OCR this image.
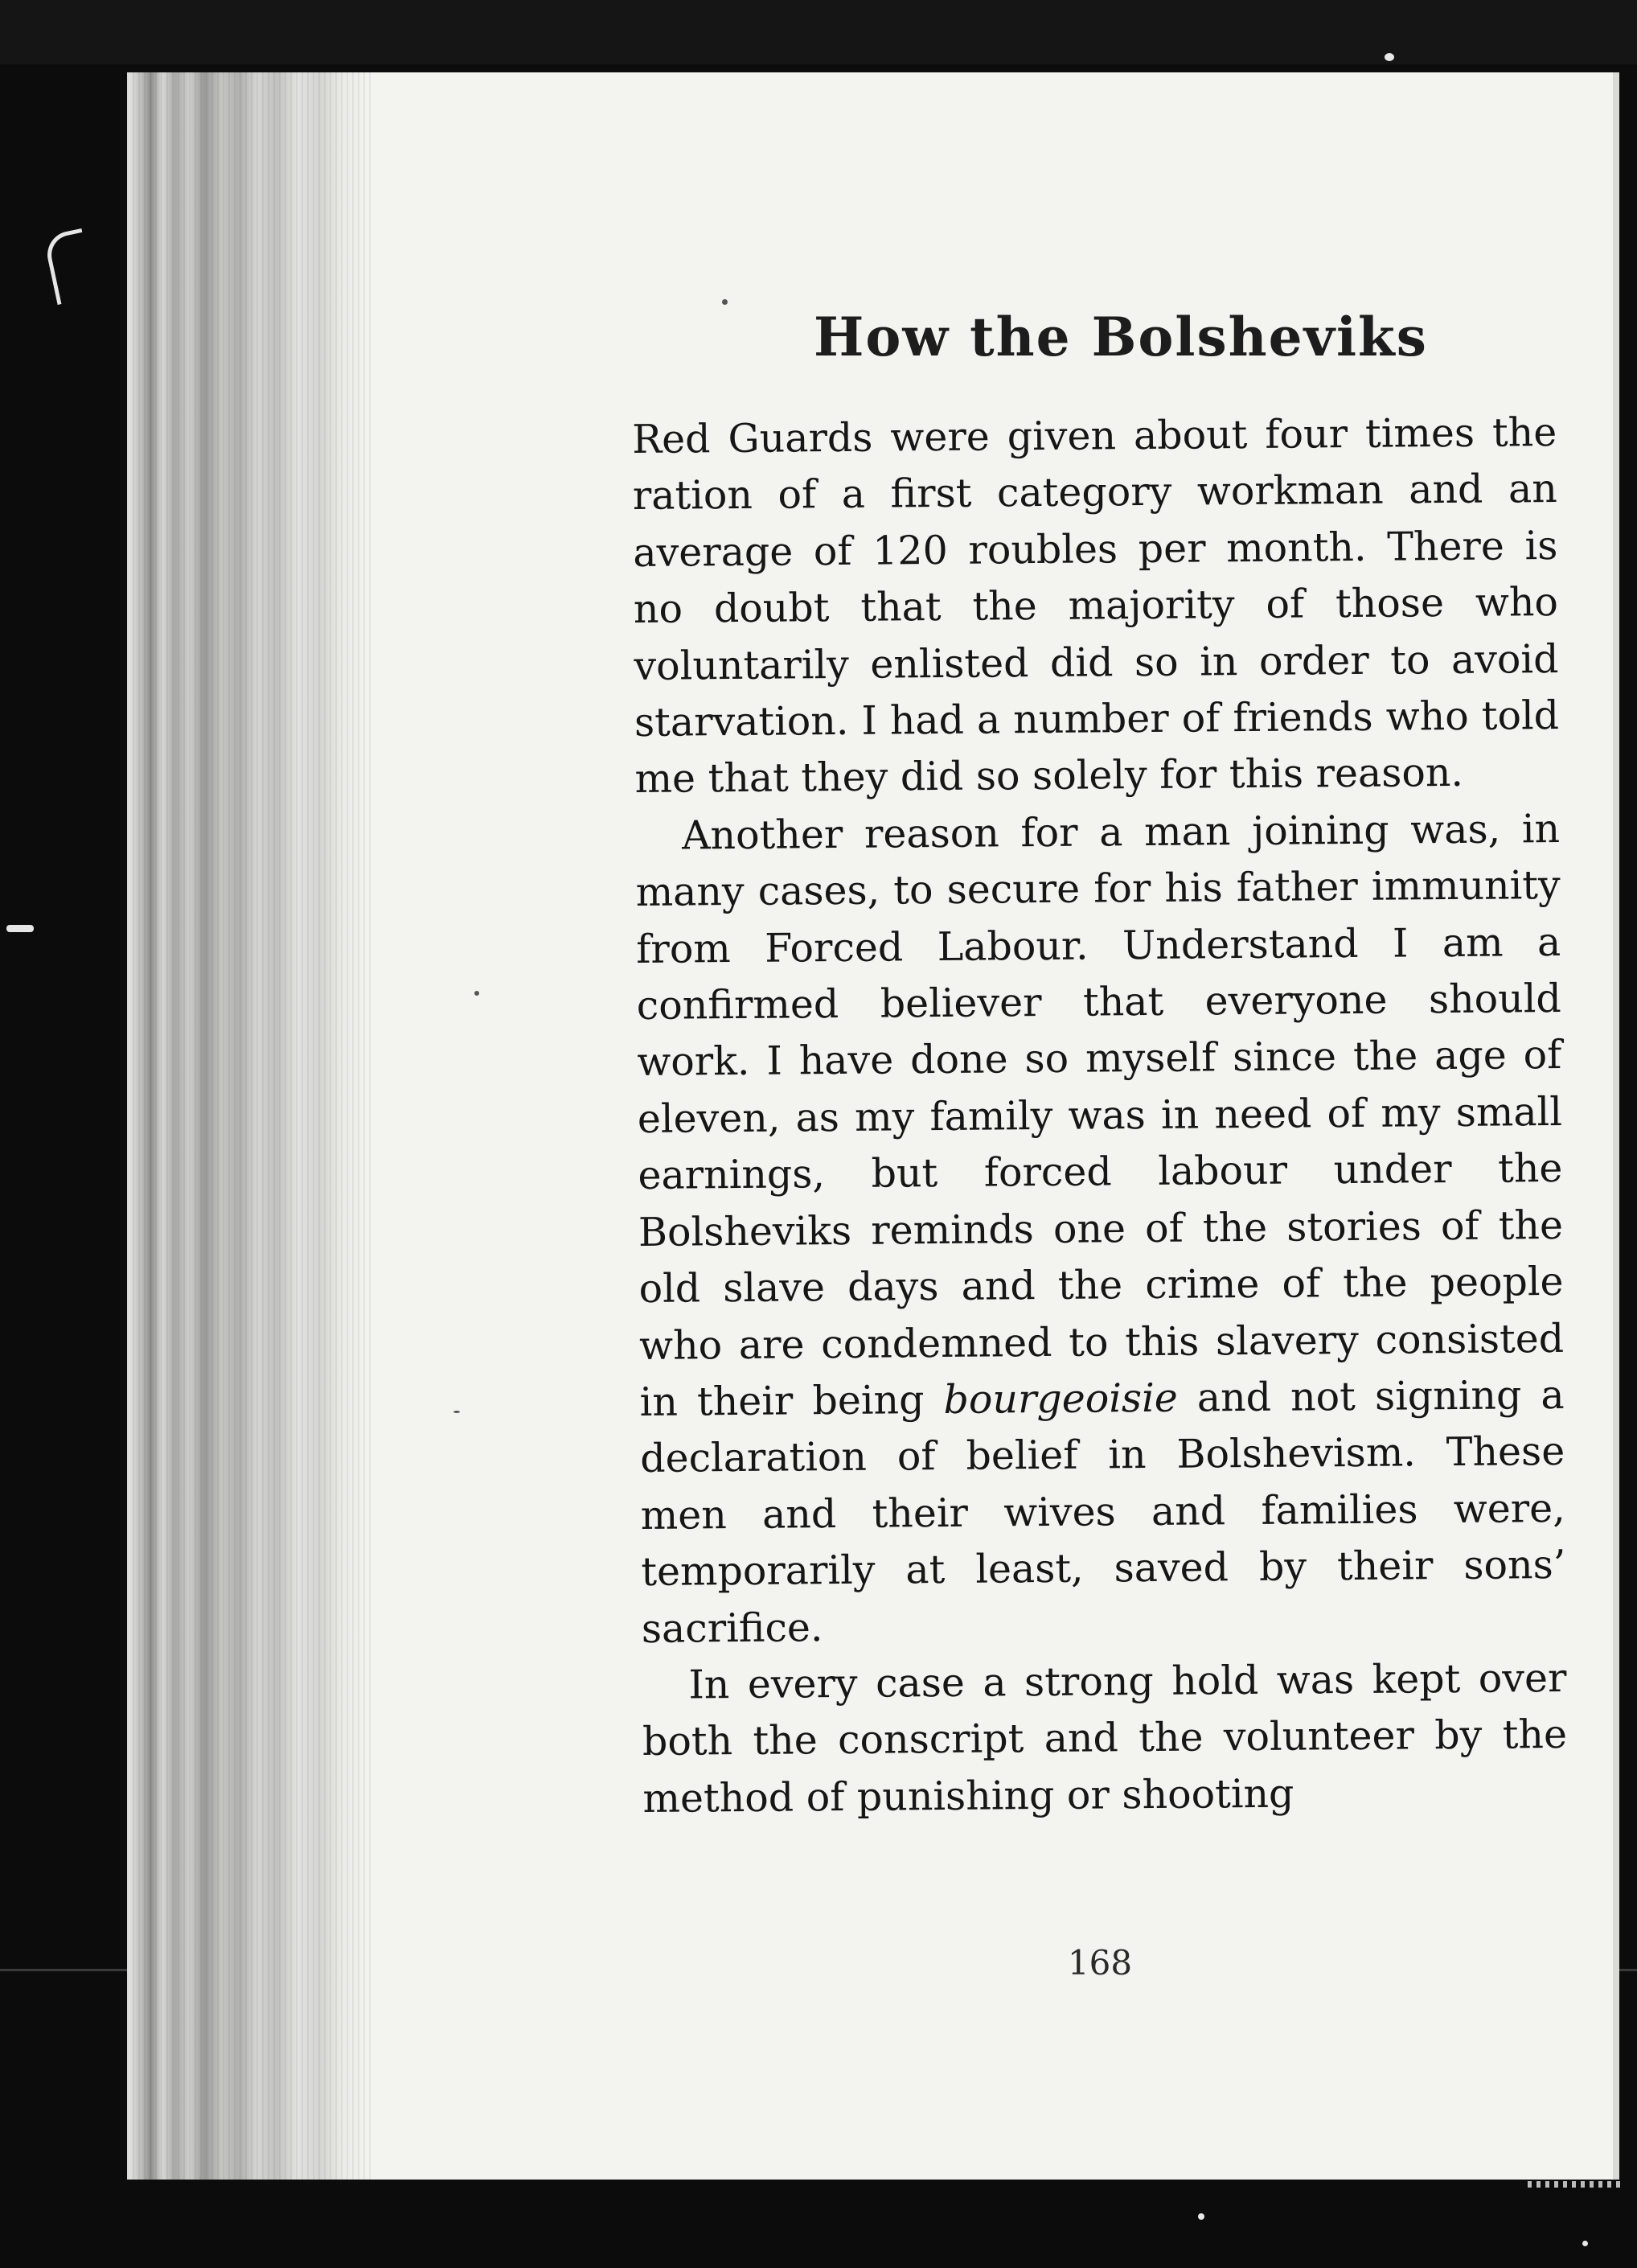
How the Bolsheviks

Red Guards were given about four times the ration of a first category workman and an average of 120 roubles per month. There is no doubt that the majority of those who voluntarily enlisted did so in order to avoid starvation. I had a number of friends who told me that they did so solely for this reason.

Another reason for a man joining was, in many cases, to secure for his father immunity from Forced Labour. Understand I am a confirmed believer that everyone should work. I have done so myself since the age of eleven, as my family was in need of my small earnings, but forced labour under the Bolsheviks reminds one of the stories of the old slave days and the crime of the people who are condemned to this slavery consisted in their being bourgeoisie and not signing a declaration of belief in Bolshevism. These men and their wives and families were, temporarily at least, saved by their sons’ sacrifice.

In every case a strong hold was kept over both the conscript and the volunteer by the method of punishing or shooting

168
